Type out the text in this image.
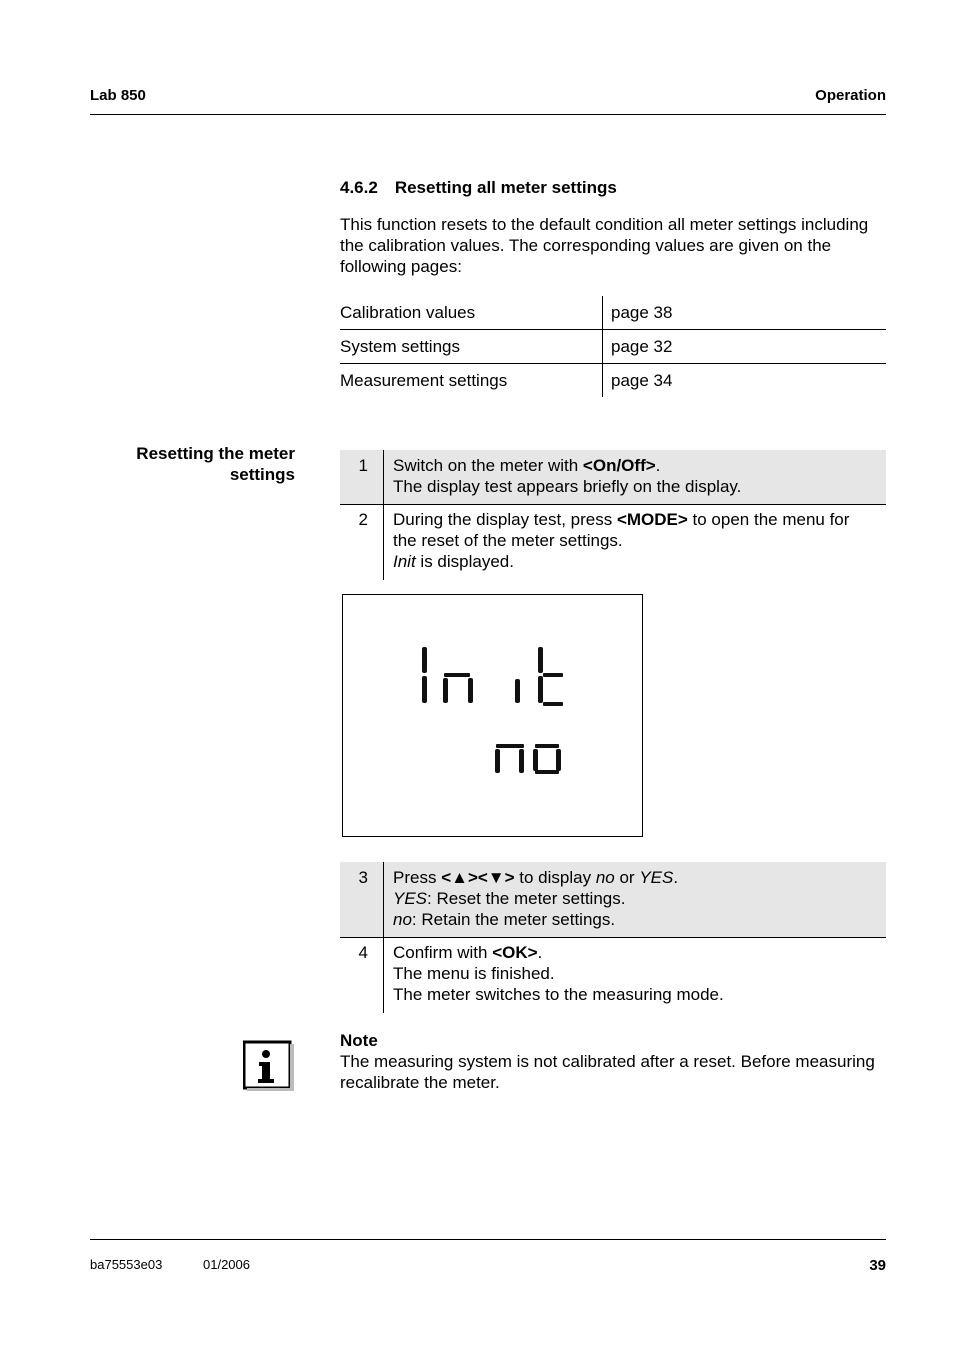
Lab 850	Operation
4.6.2 Resetting all meter settings
This function resets to the default condition all meter settings including the calibration values. The corresponding values are given on the following pages:
Calibration values	page 38
System settings	page 32
Measurement settings	page 34
Resetting the meter
settings	1	Switch on the meter with <On/Off>.
The display test appears briefly on the display.
2	During the display test, press <MODE> to open the menu for
the reset of the meter settings.
Init is displayed.
3	Press <▲><▼> to display no or YES.
YES: Reset the meter settings.
no: Retain the meter settings.
4	Confirm with <OK>.
The menu is finished.
The meter switches to the measuring mode.
Note
The measuring system is not calibrated after a reset. Before measuring recalibrate the meter.
ba75553e03	01/2006	39
